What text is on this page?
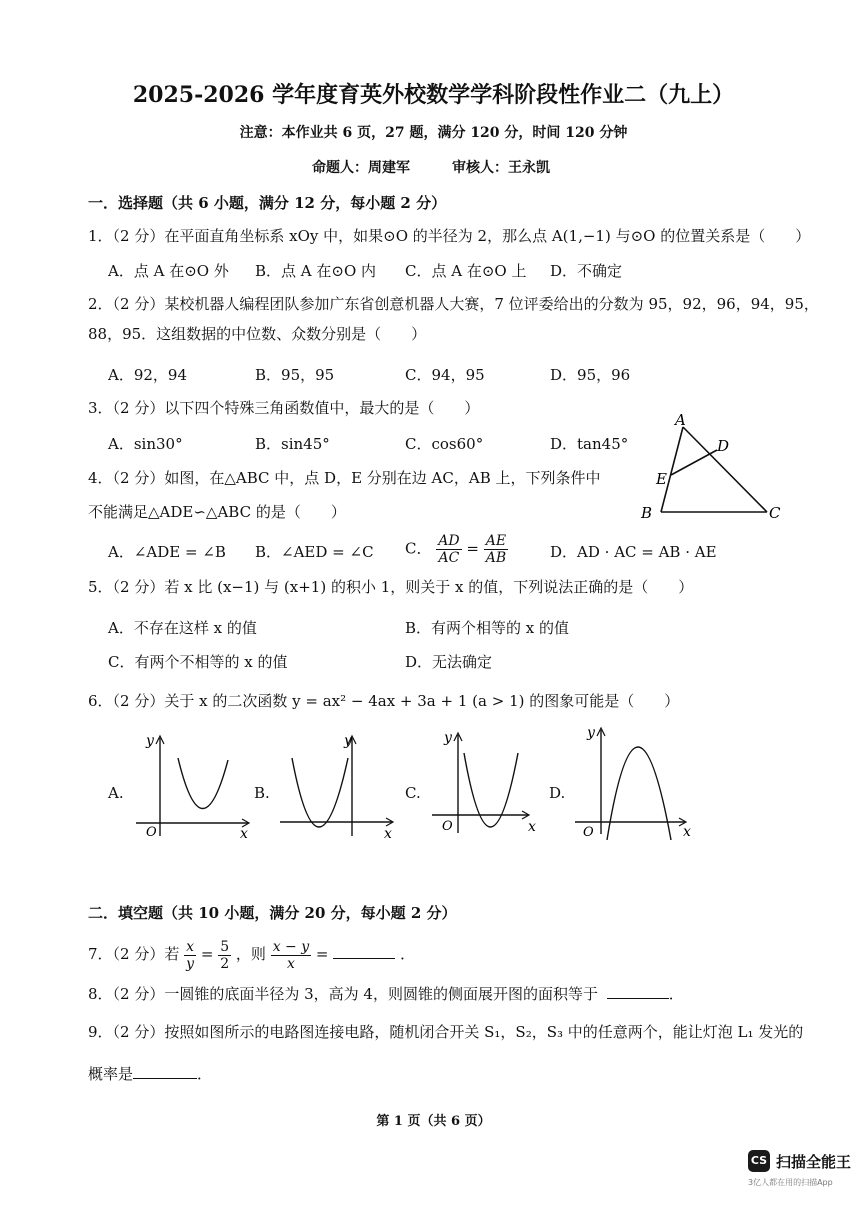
2025-2026 学年度育英外校数学学科阶段性作业二（九上）
注意：本作业共 6 页，27 题，满分 120 分，时间 120 分钟
命题人：周建军	审核人：王永凯
一．选择题（共 6 小题，满分 12 分，每小题 2 分）
1．（2 分）在平面直角坐标系 xOy 中，如果⊙O 的半径为 2，那么点 A(1,−1) 与⊙O 的位置关系是（　　）
A．点 A 在⊙O 外 B．点 A 在⊙O 内 C．点 A 在⊙O 上 D．不确定
2．（2 分）某校机器人编程团队参加广东省创意机器人大赛，7 位评委给出的分数为 95，92，96，94，95，
88，95．这组数据的中位数、众数分别是（　　）
A．92，94	B．95，95	C．94，95	D．95，96
3．（2 分）以下四个特殊三角函数值中，最大的是（　　）
A．sin30°	B．sin45°	C．cos60°	D．tan45°
A
D
E
B	C
4．（2 分）如图，在△ABC 中，点 D，E 分别在边 AC，AB 上，下列条件中
不能满足△ADE∽△ABC 的是（　　）
A．∠ADE = ∠B B．∠AED = ∠C C． $\frac{AD}{AC} = \frac{AE}{AB}$	D．AD · AC = AB · AE
5．（2 分）若 x 比 (x−1) 与 (x+1) 的积小 1，则关于 x 的值，下列说法正确的是（　　）
A．不存在这样 x 的值	B．有两个相等的 x 的值
C．有两个不相等的 x 的值	D．无法确定
6．（2 分）关于 x 的二次函数 y = ax² − 4ax + 3a + 1 (a > 1) 的图象可能是（　　）
A.
y
x
O
B.
y
x
C.
y
x
O
D.
y
x
O
二．填空题（共 10 小题，满分 20 分，每小题 2 分）
7．（2 分）若 $\frac{x}{y} = \frac{5}{2}$ ，则 $\frac{x - y}{x}$ =	．
8．（2 分）一圆锥的底面半径为 3，高为 4，则圆锥的侧面展开图的面积等于	．
9．（2 分）按照如图所示的电路图连接电路，随机闭合开关 S₁，S₂，S₃ 中的任意两个，能让灯泡 L₁ 发光的
概率是	．
第 1 页（共 6 页）
CS 扫描全能王
3亿人都在用的扫描App
